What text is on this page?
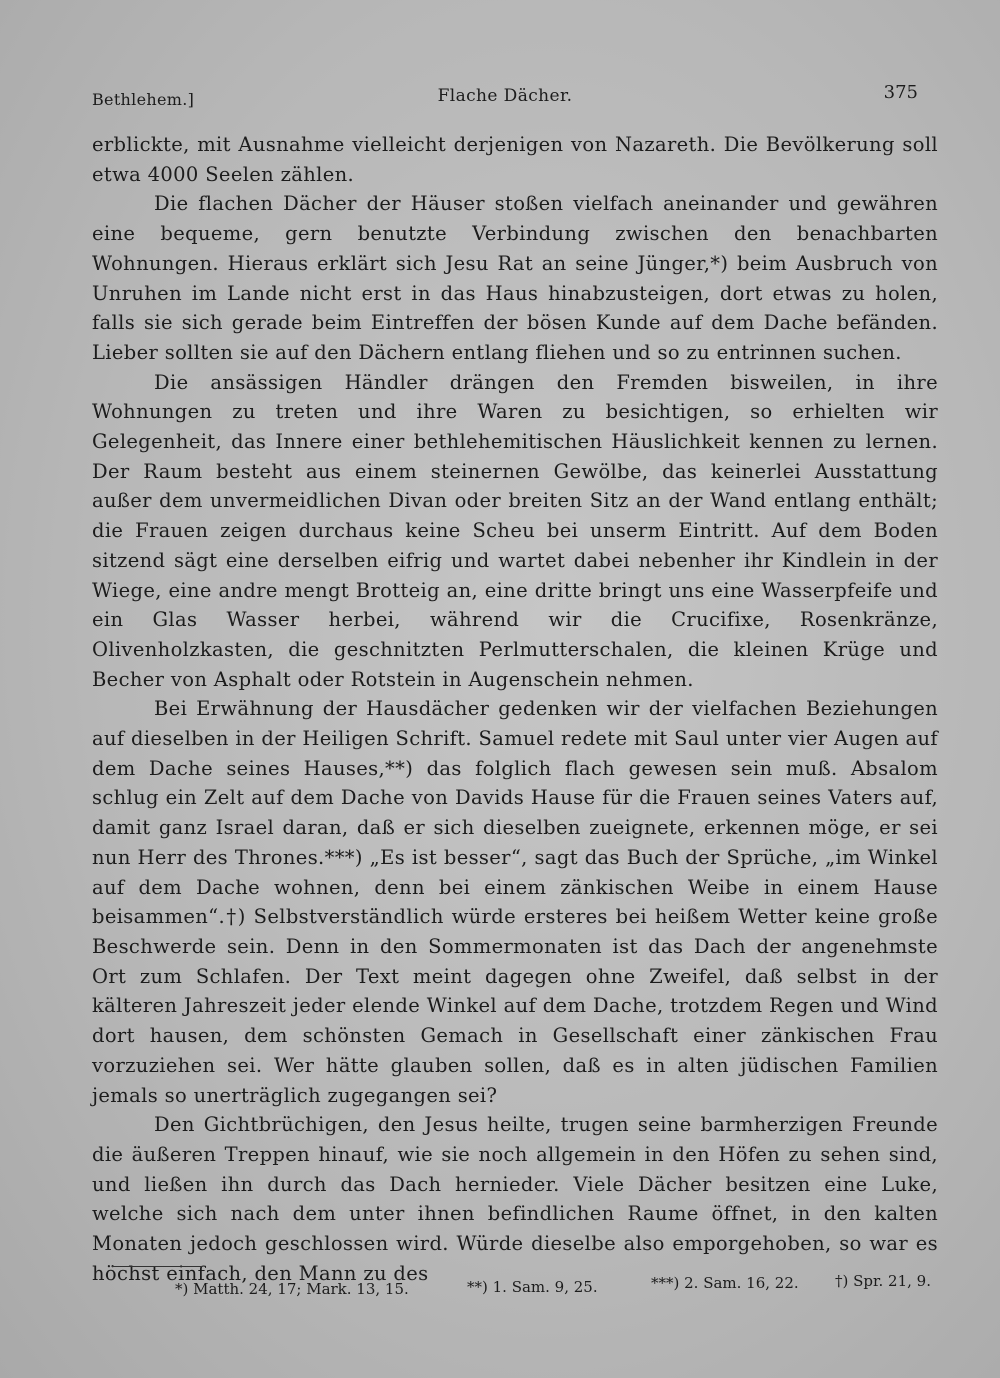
Bethlehem.]	Flache Dächer.	375

erblickte, mit Ausnahme vielleicht derjenigen von Nazareth. Die Bevölkerung soll etwa 4000 Seelen zählen.

Die flachen Dächer der Häuser stoßen vielfach aneinander und gewähren eine bequeme, gern benutzte Verbindung zwischen den benachbarten Wohnungen. Hieraus erklärt sich Jesu Rat an seine Jünger,*) beim Ausbruch von Unruhen im Lande nicht erst in das Haus hinabzusteigen, dort etwas zu holen, falls sie sich gerade beim Eintreffen der bösen Kunde auf dem Dache befänden. Lieber sollten sie auf den Dächern entlang fliehen und so zu entrinnen suchen.

Die ansässigen Händler drängen den Fremden bisweilen, in ihre Wohnungen zu treten und ihre Waren zu besichtigen, so erhielten wir Gelegenheit, das Innere einer bethlehemitischen Häuslichkeit kennen zu lernen. Der Raum besteht aus einem steinernen Gewölbe, das keinerlei Ausstattung außer dem unvermeidlichen Divan oder breiten Sitz an der Wand entlang enthält; die Frauen zeigen durchaus keine Scheu bei unserm Eintritt. Auf dem Boden sitzend sägt eine derselben eifrig und wartet dabei nebenher ihr Kindlein in der Wiege, eine andre mengt Brotteig an, eine dritte bringt uns eine Wasserpfeife und ein Glas Wasser herbei, während wir die Crucifixe, Rosenkränze, Olivenholzkasten, die geschnitzten Perlmutterschalen, die kleinen Krüge und Becher von Asphalt oder Rotstein in Augenschein nehmen.

Bei Erwähnung der Hausdächer gedenken wir der vielfachen Beziehungen auf dieselben in der Heiligen Schrift. Samuel redete mit Saul unter vier Augen auf dem Dache seines Hauses,**) das folglich flach gewesen sein muß. Absalom schlug ein Zelt auf dem Dache von Davids Hause für die Frauen seines Vaters auf, damit ganz Israel daran, daß er sich dieselben zueignete, erkennen möge, er sei nun Herr des Thrones.***) „Es ist besser“, sagt das Buch der Sprüche, „im Winkel auf dem Dache wohnen, denn bei einem zänkischen Weibe in einem Hause beisammen“.†) Selbstverständlich würde ersteres bei heißem Wetter keine große Beschwerde sein. Denn in den Sommermonaten ist das Dach der angenehmste Ort zum Schlafen. Der Text meint dagegen ohne Zweifel, daß selbst in der kälteren Jahreszeit jeder elende Winkel auf dem Dache, trotzdem Regen und Wind dort hausen, dem schönsten Gemach in Gesellschaft einer zänkischen Frau vorzuziehen sei. Wer hätte glauben sollen, daß es in alten jüdischen Familien jemals so unerträglich zugegangen sei?

Den Gichtbrüchigen, den Jesus heilte, trugen seine barmherzigen Freunde die äußeren Treppen hinauf, wie sie noch allgemein in den Höfen zu sehen sind, und ließen ihn durch das Dach hernieder. Viele Dächer besitzen eine Luke, welche sich nach dem unter ihnen befindlichen Raume öffnet, in den kalten Monaten jedoch geschlossen wird. Würde dieselbe also emporgehoben, so war es höchst einfach, den Mann zu des

*) Matth. 24, 17; Mark. 13, 15.	**) 1. Sam. 9, 25.	***) 2. Sam. 16, 22. †) Spr. 21, 9.
